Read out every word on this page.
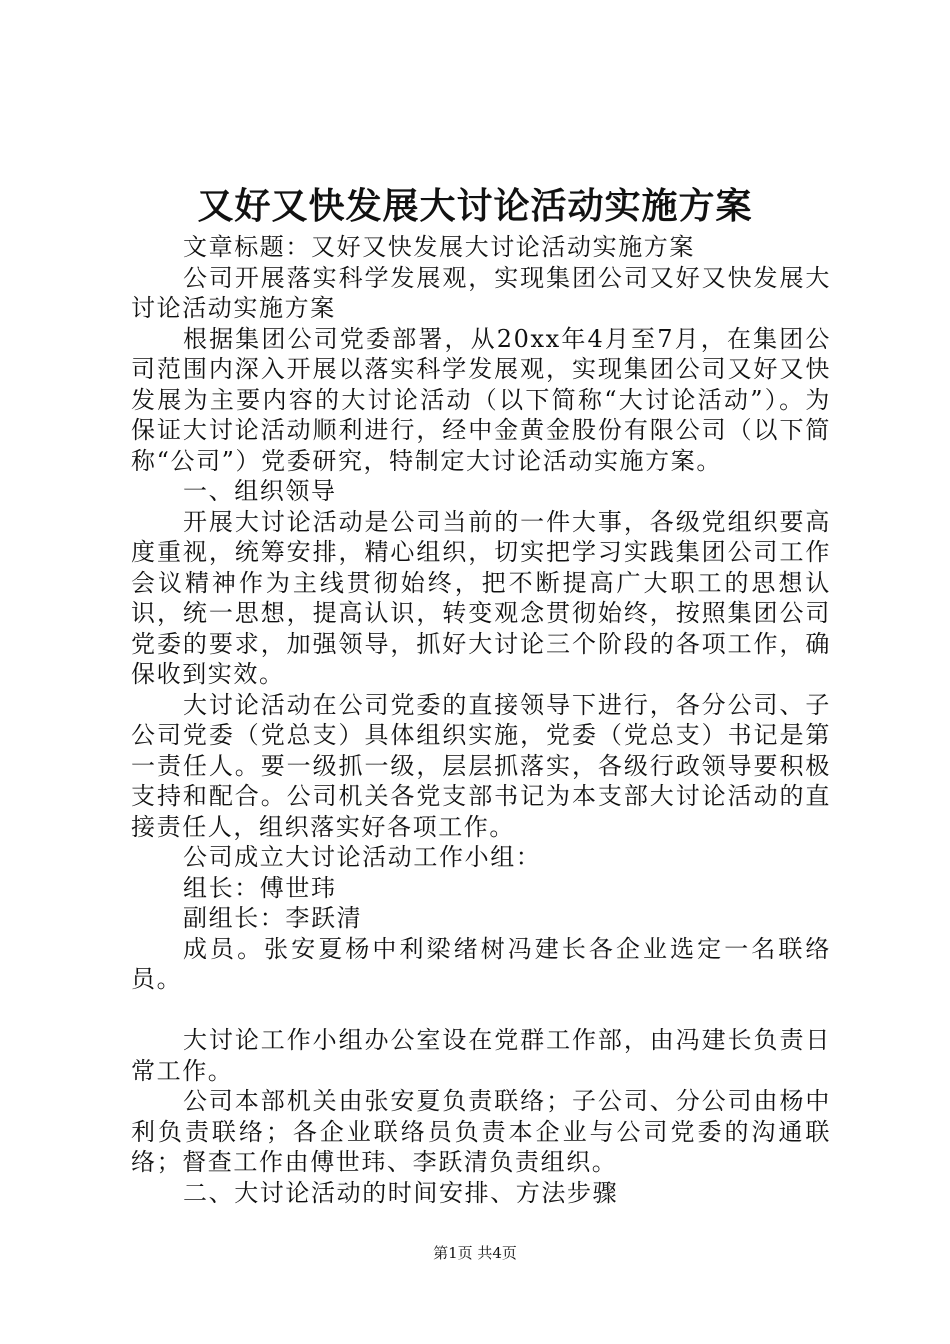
又好又快发展大讨论活动实施方案

文章标题：又好又快发展大讨论活动实施方案

公司开展落实科学发展观，实现集团公司又好又快发展大讨论活动实施方案

根据集团公司党委部署，从20xx年4月至7月，在集团公司范围内深入开展以落实科学发展观，实现集团公司又好又快发展为主要内容的大讨论活动（以下简称“大讨论活动”）。为保证大讨论活动顺利进行，经中金黄金股份有限公司（以下简称“公司”）党委研究，特制定大讨论活动实施方案。

一、组织领导

开展大讨论活动是公司当前的一件大事，各级党组织要高度重视，统筹安排，精心组织，切实把学习实践集团公司工作会议精神作为主线贯彻始终，把不断提高广大职工的思想认识，统一思想，提高认识，转变观念贯彻始终，按照集团公司党委的要求，加强领导，抓好大讨论三个阶段的各项工作，确保收到实效。

大讨论活动在公司党委的直接领导下进行，各分公司、子公司党委（党总支）具体组织实施，党委（党总支）书记是第一责任人。要一级抓一级，层层抓落实，各级行政领导要积极支持和配合。公司机关各党支部书记为本支部大讨论活动的直接责任人，组织落实好各项工作。

公司成立大讨论活动工作小组：

组长：傅世玮

副组长：李跃清

成员。张安夏杨中利梁绪树冯建长各企业选定一名联络员。

大讨论工作小组办公室设在党群工作部，由冯建长负责日常工作。

公司本部机关由张安夏负责联络；子公司、分公司由杨中利负责联络；各企业联络员负责本企业与公司党委的沟通联络；督查工作由傅世玮、李跃清负责组织。

二、大讨论活动的时间安排、方法步骤

第1页 共4页
